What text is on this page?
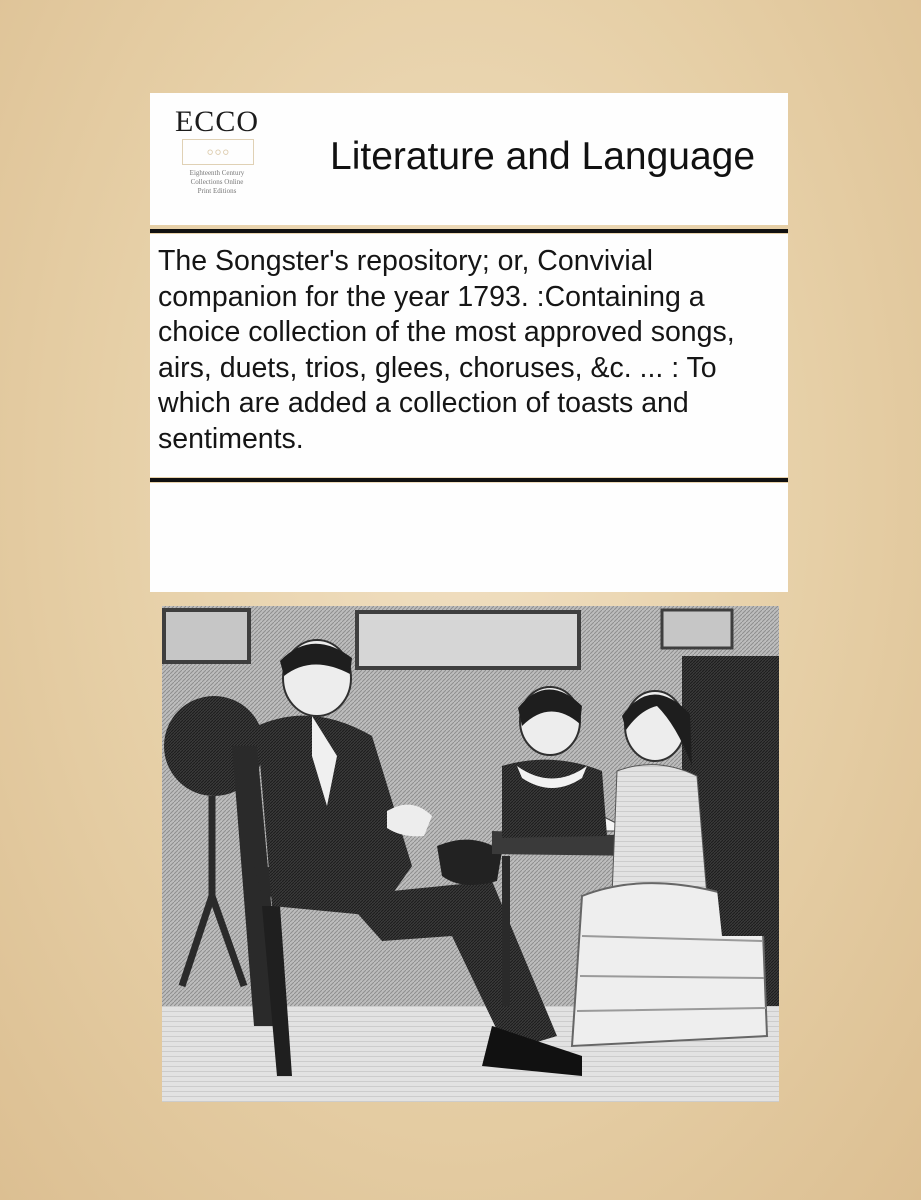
ECCO
◦◦◦
Eighteenth Century
Collections Online
Print Editions
Literature and Language
The Songster's repository; or, Convivial companion for the year 1793. :Containing a choice collection of the most approved songs, airs, duets, trios, glees, choruses, &c. ... : To which are added a collection of toasts and sentiments.
